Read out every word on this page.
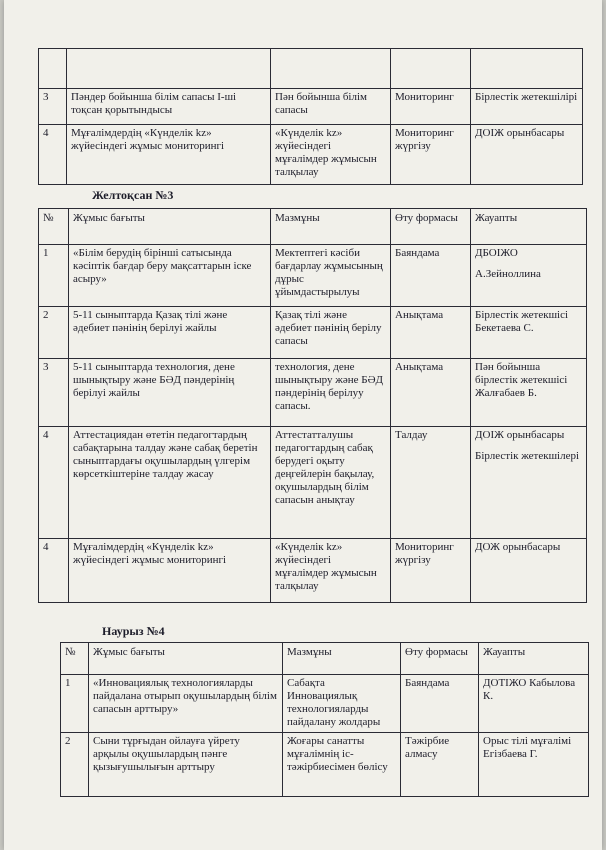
3	Пәндер бойынша білім сапасы І-ші тоқсан қорытындысы	Пән бойынша білім сапасы	Мониторинг	Бірлестік жетекшілірі
4	Мұғалімдердің «Күнделік kz» жүйесіндегі жұмыс мониторингі	«Күнделік kz» жүйесіндегі мұғалімдер жұмысын талқылау	Мониторинг жүргізу	ДОІЖ орынбасары
Желтоқсан №3
№	Жұмыс бағыты	Мазмұны	Өту формасы	Жауапты
1	«Білім берудің бірінші сатысында кәсіптік бағдар беру мақсаттарын іске асыру»	Мектептегі кәсіби бағдарлау жұмысының дұрыс ұйымдастырылуы	Баяндама	ДБОІЖО
А.Зейноллина
2	5-11 сыныптарда Қазақ тілі және әдебиет пәнінің берілуі жайлы	Қазақ тілі және әдебиет пәнінің берілу сапасы	Анықтама	Бірлестік жетекшісі Бекетаева С.
3	5-11 сыныптарда технология, дене шынықтыру және БӘД пәндерінің берілуі жайлы	технология, дене шынықтыру және БӘД пәндерінің берілуу сапасы.	Анықтама	Пән бойынша бірлестік жетекшісі Жалғабаев Б.
4	Аттестациядан өтетін педагогтардың сабақтарына талдау және сабақ беретін сыныптардағы оқушылардың үлгерім көрсеткіштеріне талдау жасау	Аттестатталушы педагогтардың сабақ берудегі оқыту деңгейлерін бақылау, оқушылардың білім сапасын анықтау	Талдау	ДОІЖ орынбасары
Бірлестік жетекшілері
4	Мұғалімдердің «Күнделік kz» жүйесіндегі жұмыс мониторингі	«Күнделік kz» жүйесіндегі мұғалімдер жұмысын талқылау	Мониторинг жүргізу	ДОЖ орынбасары
Наурыз №4
№	Жұмыс бағыты	Мазмұны	Өту формасы	Жауапты
1	«Инновациялық технологияларды пайдалана отырып оқушылардың білім сапасын арттыру»	Сабақта Инновациялық технологияларды пайдалану жолдары	Баяндама	ДОТІЖО Кабылова К.
2	Сыни тұрғыдан ойлауға үйрету арқылы оқушылардың пәнге қызығушылығын арттыру	Жоғары санатты мұғалімнің іс-тәжірбиесімен бөлісу	Тәжірбие алмасу	Орыс тілі мұғалімі Егізбаева Г.
